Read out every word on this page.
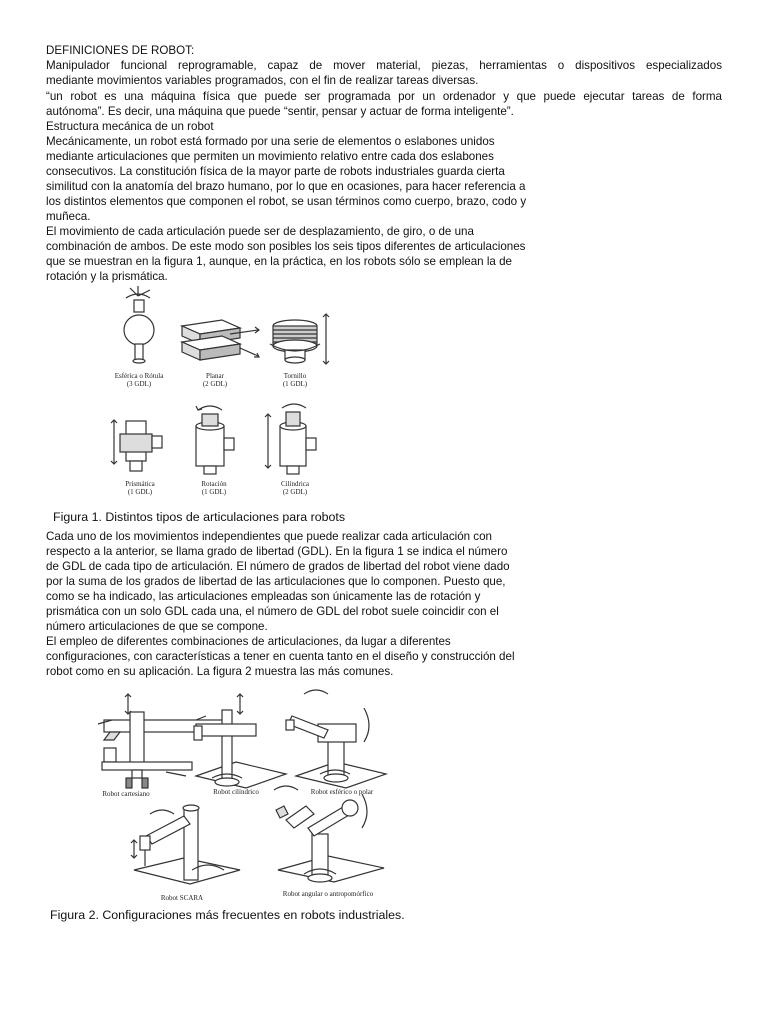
DEFINICIONES DE ROBOT:
Manipulador funcional reprogramable, capaz de mover material, piezas, herramientas o dispositivos especializados
mediante movimientos variables programados, con el fin de realizar tareas diversas.
“un robot es una máquina física que puede ser programada por un ordenador y que puede ejecutar tareas de forma
autónoma”. Es decir, una máquina que puede “sentir, pensar y actuar de forma inteligente”.
Estructura mecánica de un robot
Mecánicamente, un robot está formado por una serie de elementos o eslabones unidos
mediante articulaciones que permiten un movimiento relativo entre cada dos eslabones
consecutivos. La constitución física de la mayor parte de robots industriales guarda cierta
similitud con la anatomía del brazo humano, por lo que en ocasiones, para hacer referencia a
los distintos elementos que componen el robot, se usan términos como cuerpo, brazo, codo y
muñeca.
El movimiento de cada articulación puede ser de desplazamiento, de giro, o de una
combinación de ambos. De este modo son posibles los seis tipos diferentes de articulaciones
que se muestran en la figura 1, aunque, en la práctica, en los robots sólo se emplean la de
rotación y la prismática.
Esférica o Rótula
(3 GDL)
Planar
(2 GDL)
Tornillo
(1 GDL)
Prismática
(1 GDL)
Rotación
(1 GDL)
Cilíndrica
(2 GDL)
Figura 1. Distintos tipos de articulaciones para robots
Cada uno de los movimientos independientes que puede realizar cada articulación con
respecto a la anterior, se llama grado de libertad (GDL). En la figura 1 se indica el número
de GDL de cada tipo de articulación. El número de grados de libertad del robot viene dado
por la suma de los grados de libertad de las articulaciones que lo componen. Puesto que,
como se ha indicado, las articulaciones empleadas son únicamente las de rotación y
prismática con un solo GDL cada una, el número de GDL del robot suele coincidir con el
número articulaciones de que se compone.
El empleo de diferentes combinaciones de articulaciones, da lugar a diferentes
configuraciones, con características a tener en cuenta tanto en el diseño y construcción del
robot como en su aplicación. La figura 2 muestra las más comunes.
Robot cartesiano	Robot cilíndrico	Robot esférico o polar
Robot SCARA	Robot angular o antropomórfico
Figura 2. Configuraciones más frecuentes en robots industriales.
